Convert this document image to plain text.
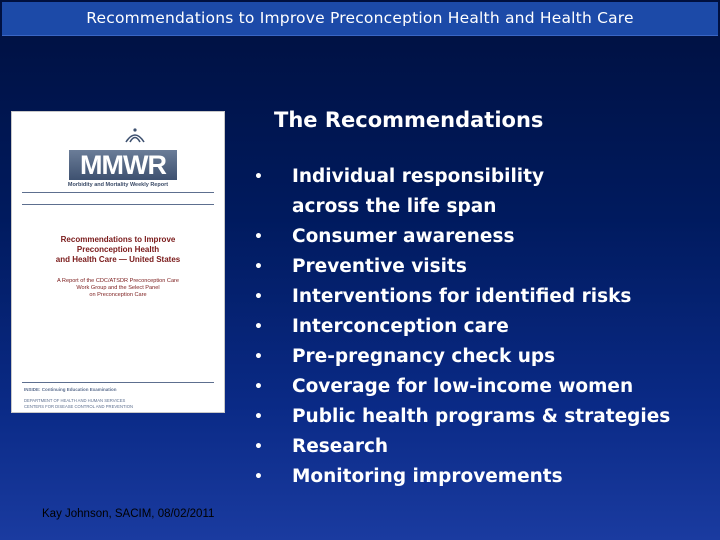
Recommendations to Improve Preconception Health and Health Care
MMWR
Morbidity and Mortality Weekly Report
Recommendations to Improve
Preconception Health
and Health Care — United States
A Report of the CDC/ATSDR Preconception Care
Work Group and the Select Panel
on Preconception Care
INSIDE: Continuing Education Examination
DEPARTMENT OF HEALTH AND HUMAN SERVICES
CENTERS FOR DISEASE CONTROL AND PREVENTION
The Recommendations
• Individual responsibility
across the life span
• Consumer awareness
• Preventive visits
• Interventions for identified risks
• Interconception care
• Pre-pregnancy check ups
• Coverage for low-income women
• Public health programs & strategies
• Research
• Monitoring improvements
Kay Johnson, SACIM, 08/02/2011
